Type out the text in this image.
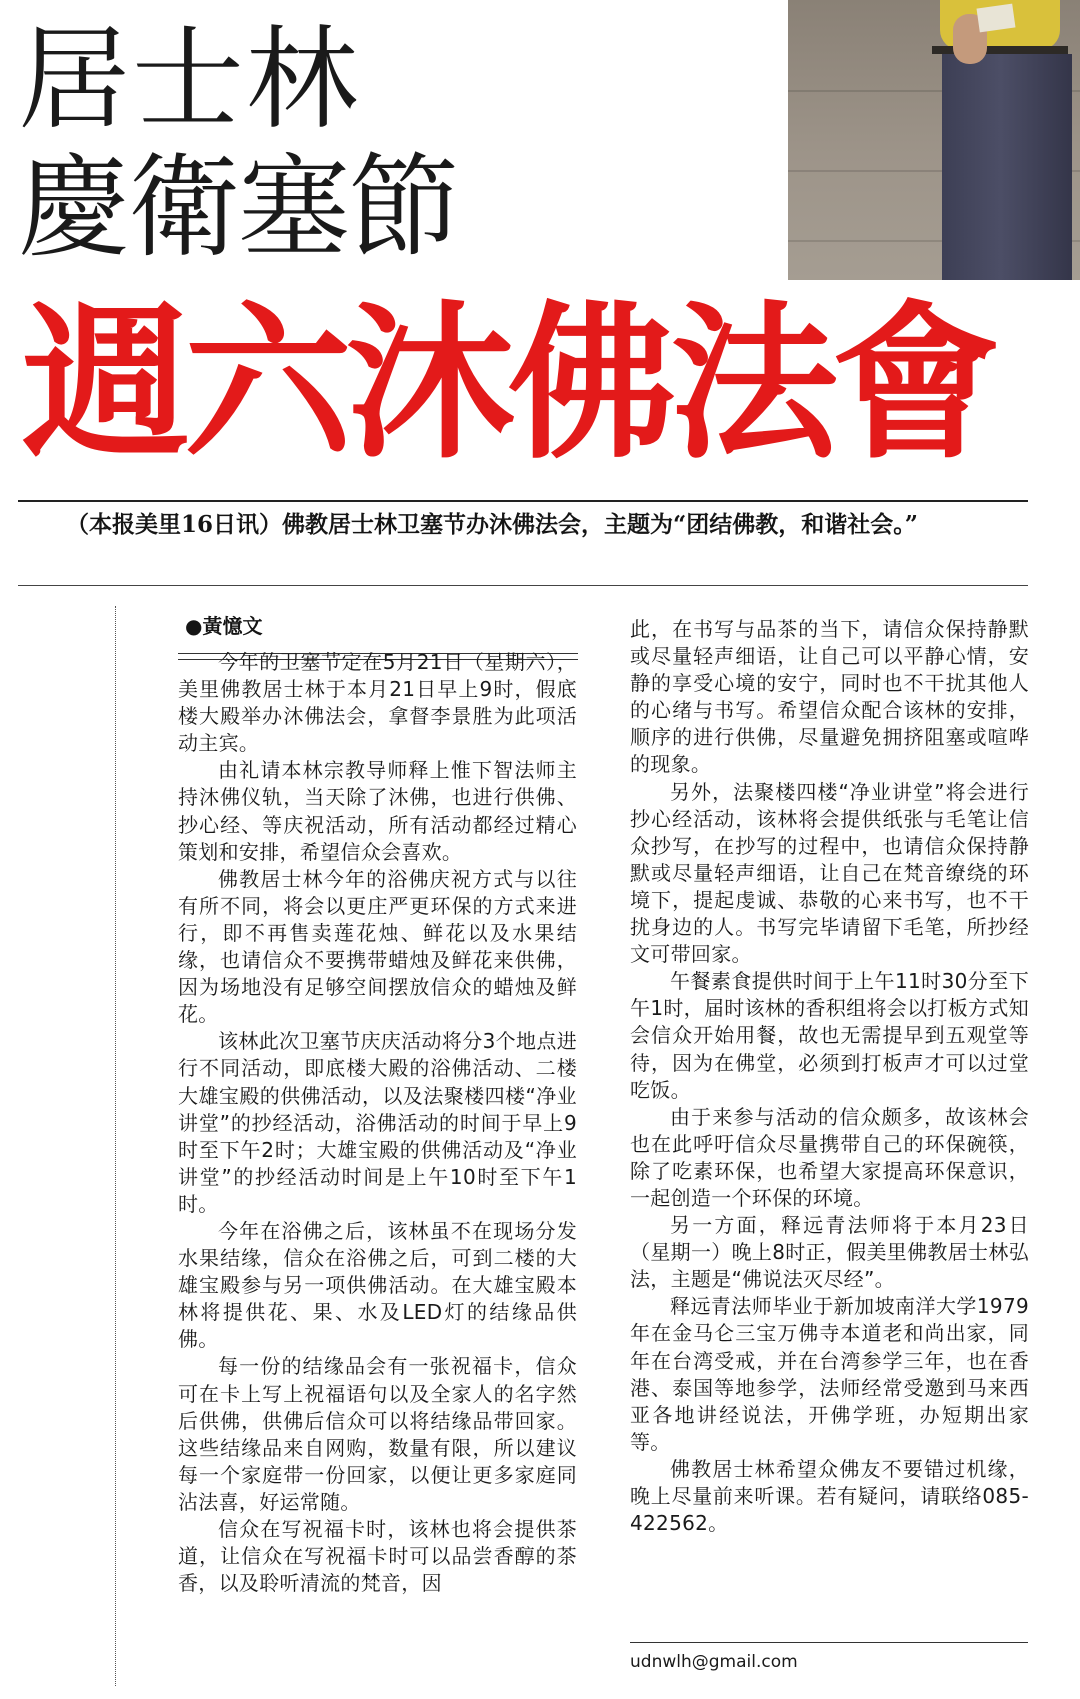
居士林
慶衛塞節
週六沐佛法會

（本报美里16日讯）佛教居士林卫塞节办沐佛法会，主题为“团结佛教，和谐社会。”

●黃憶文

今年的卫塞节定在5月21日（星期六），美里佛教居士林于本月21日早上9时，假底楼大殿举办沐佛法会，拿督李景胜为此项活动主宾。

由礼请本林宗教导师释上惟下智法师主持沐佛仪轨，当天除了沐佛，也进行供佛、抄心经、等庆祝活动，所有活动都经过精心策划和安排，希望信众会喜欢。

佛教居士林今年的浴佛庆祝方式与以往有所不同，将会以更庄严更环保的方式来进行，即不再售卖莲花烛、鲜花以及水果结缘，也请信众不要携带蜡烛及鲜花来供佛，因为场地没有足够空间摆放信众的蜡烛及鲜花。

该林此次卫塞节庆庆活动将分3个地点进行不同活动，即底楼大殿的浴佛活动、二楼大雄宝殿的供佛活动，以及法聚楼四楼“净业讲堂”的抄经活动，浴佛活动的时间于早上9时至下午2时；大雄宝殿的供佛活动及“净业讲堂”的抄经活动时间是上午10时至下午1时。

今年在浴佛之后，该林虽不在现场分发水果结缘，信众在浴佛之后，可到二楼的大雄宝殿参与另一项供佛活动。在大雄宝殿本林将提供花、果、水及LED灯的结缘品供佛。

每一份的结缘品会有一张祝福卡，信众可在卡上写上祝福语句以及全家人的名字然后供佛，供佛后信众可以将结缘品带回家。这些结缘品来自网购，数量有限，所以建议每一个家庭带一份回家，以便让更多家庭同沾法喜，好运常随。

信众在写祝福卡时，该林也将会提供茶道，让信众在写祝福卡时可以品尝香醇的茶香，以及聆听清流的梵音，因

此，在书写与品茶的当下，请信众保持静默或尽量轻声细语，让自己可以平静心情，安静的享受心境的安宁，同时也不干扰其他人的心绪与书写。希望信众配合该林的安排，顺序的进行供佛，尽量避免拥挤阻塞或喧哗的现象。

另外，法聚楼四楼“净业讲堂”将会进行抄心经活动，该林将会提供纸张与毛笔让信众抄写，在抄写的过程中，也请信众保持静默或尽量轻声细语，让自己在梵音缭绕的环境下，提起虔诚、恭敬的心来书写，也不干扰身边的人。书写完毕请留下毛笔，所抄经文可带回家。

午餐素食提供时间于上午11时30分至下午1时，届时该林的香积组将会以打板方式知会信众开始用餐，故也无需提早到五观堂等待，因为在佛堂，必须到打板声才可以过堂吃饭。

由于来参与活动的信众颇多，故该林会也在此呼吁信众尽量携带自己的环保碗筷，除了吃素环保，也希望大家提高环保意识，一起创造一个环保的环境。

另一方面，释远青法师将于本月23日（星期一）晚上8时正，假美里佛教居士林弘法，主题是“佛说法灭尽经”。

释远青法师毕业于新加坡南洋大学1979年在金马仑三宝万佛寺本道老和尚出家，同年在台湾受戒，并在台湾参学三年，也在香港、泰国等地参学，法师经常受邀到马来西亚各地讲经说法，开佛学班，办短期出家等。

佛教居士林希望众佛友不要错过机缘，晚上尽量前来听课。若有疑问，请联络085-422562。

udnwlh@gmail.com
